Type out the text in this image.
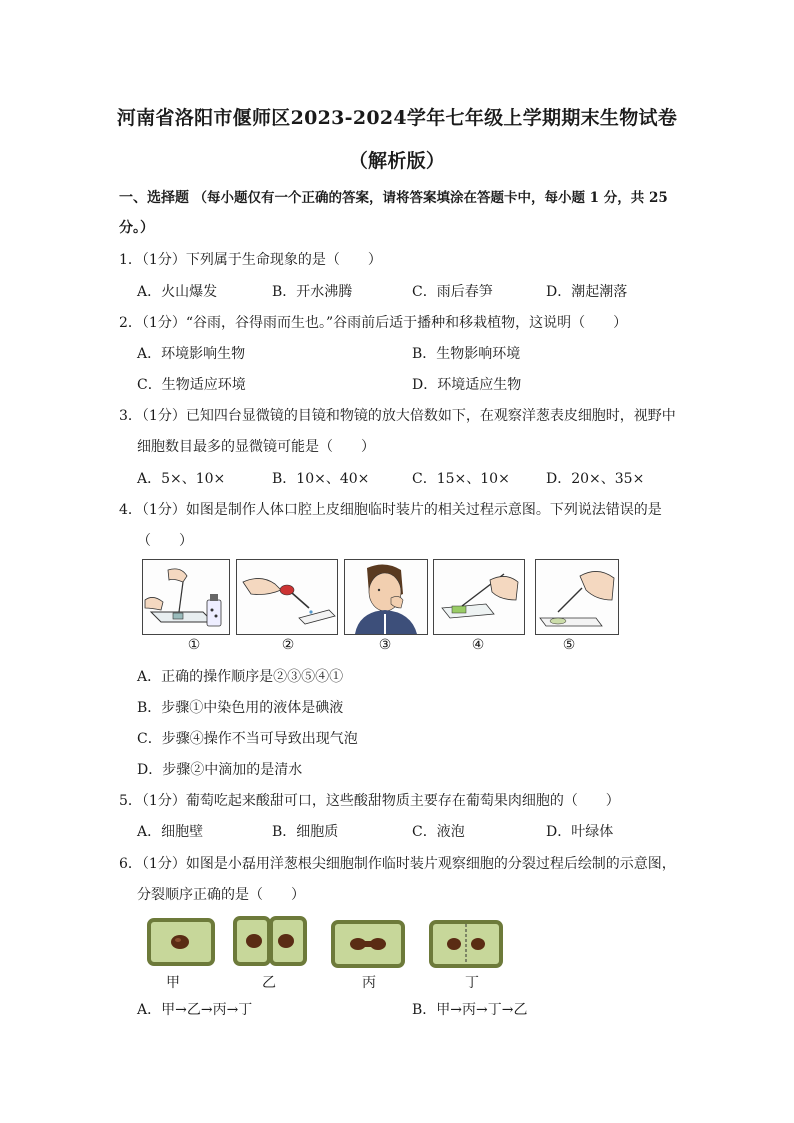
河南省洛阳市偃师区2023-2024学年七年级上学期期末生物试卷
（解析版）
一、选择题 （每小题仅有一个正确的答案，请将答案填涂在答题卡中，每小题 1 分，共 25
分。）
1．（1分）下列属于生命现象的是（　　）
A．火山爆发	B．开水沸腾	C．雨后春笋	D．潮起潮落
2．（1分）“谷雨，谷得雨而生也。”谷雨前后适于播种和移栽植物，这说明（　　）
A．环境影响生物	B．生物影响环境
C．生物适应环境	D．环境适应生物
3．（1分）已知四台显微镜的目镜和物镜的放大倍数如下，在观察洋葱表皮细胞时，视野中
细胞数目最多的显微镜可能是（　　）
A．5×、10×	B．10×、40×	C．15×、10×	D．20×、35×
4．（1分）如图是制作人体口腔上皮细胞临时装片的相关过程示意图。下列说法错误的是
（　　）
①	②	③	④	⑤
A．正确的操作顺序是②③⑤④①
B．步骤①中染色用的液体是碘液
C．步骤④操作不当可导致出现气泡
D．步骤②中滴加的是清水
5．（1分）葡萄吃起来酸甜可口，这些酸甜物质主要存在葡萄果肉细胞的（　　）
A．细胞壁	B．细胞质	C．液泡	D．叶绿体
6．（1分）如图是小磊用洋葱根尖细胞制作临时装片观察细胞的分裂过程后绘制的示意图，
分裂顺序正确的是（　　）
甲	乙	丙	丁
A．甲→乙→丙→丁	B．甲→丙→丁→乙
